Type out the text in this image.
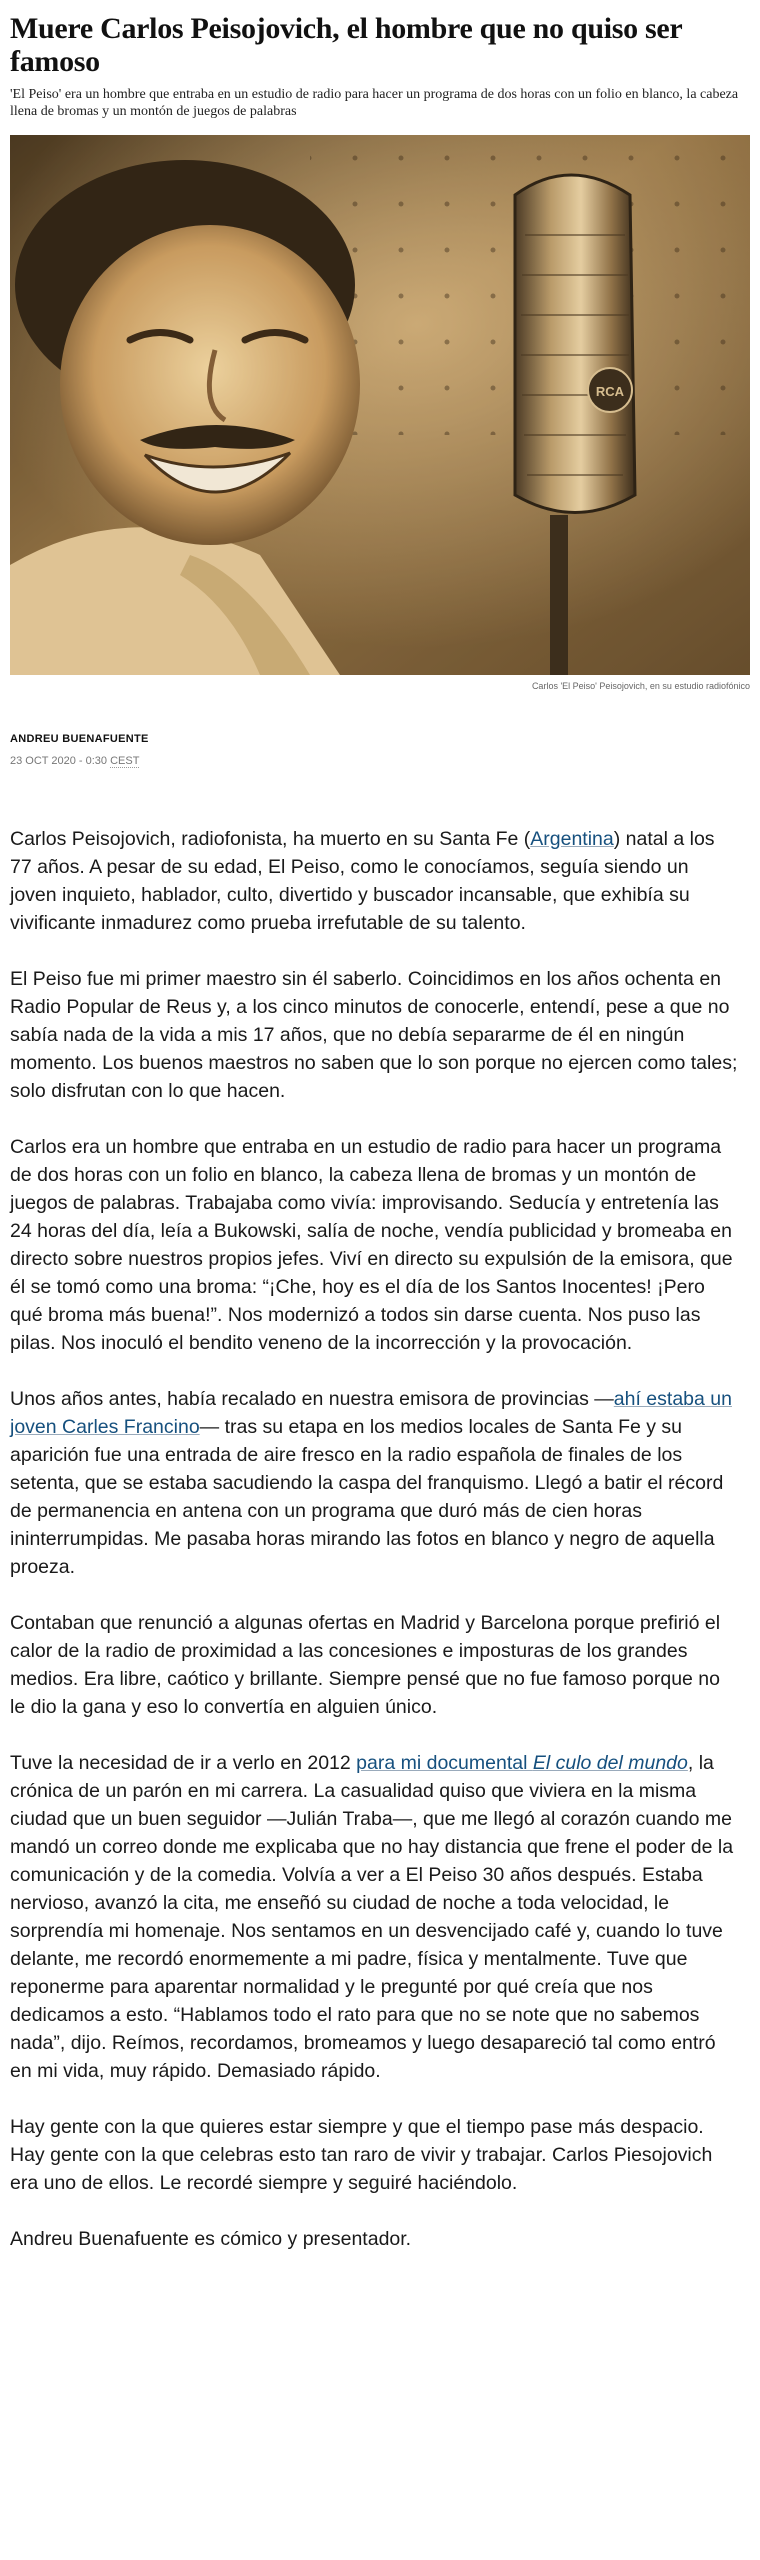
Muere Carlos Peisojovich, el hombre que no quiso ser famoso

'El Peiso' era un hombre que entraba en un estudio de radio para hacer un programa de dos horas con un folio en blanco, la cabeza llena de bromas y un montón de juegos de palabras

RCA
Carlos 'El Peiso' Peisojovich, en su estudio radiofónico
ANDREU BUENAFUENTE
23 OCT 2020 - 0:30 CEST

Carlos Peisojovich, radiofonista, ha muerto en su Santa Fe (Argentina) natal a los 77 años. A pesar de su edad, El Peiso, como le conocíamos, seguía siendo un joven inquieto, hablador, culto, divertido y buscador incansable, que exhibía su vivificante inmadurez como prueba irrefutable de su talento.

El Peiso fue mi primer maestro sin él saberlo. Coincidimos en los años ochenta en Radio Popular de Reus y, a los cinco minutos de conocerle, entendí, pese a que no sabía nada de la vida a mis 17 años, que no debía separarme de él en ningún momento. Los buenos maestros no saben que lo son porque no ejercen como tales; solo disfrutan con lo que hacen.

Carlos era un hombre que entraba en un estudio de radio para hacer un programa de dos horas con un folio en blanco, la cabeza llena de bromas y un montón de juegos de palabras. Trabajaba como vivía: improvisando. Seducía y entretenía las 24 horas del día, leía a Bukowski, salía de noche, vendía publicidad y bromeaba en directo sobre nuestros propios jefes. Viví en directo su expulsión de la emisora, que él se tomó como una broma: “¡Che, hoy es el día de los Santos Inocentes! ¡Pero qué broma más buena!”. Nos modernizó a todos sin darse cuenta. Nos puso las pilas. Nos inoculó el bendito veneno de la incorrección y la provocación.

Unos años antes, había recalado en nuestra emisora de provincias —ahí estaba un joven Carles Francino— tras su etapa en los medios locales de Santa Fe y su aparición fue una entrada de aire fresco en la radio española de finales de los setenta, que se estaba sacudiendo la caspa del franquismo. Llegó a batir el récord de permanencia en antena con un programa que duró más de cien horas ininterrumpidas. Me pasaba horas mirando las fotos en blanco y negro de aquella proeza.

Contaban que renunció a algunas ofertas en Madrid y Barcelona porque prefirió el calor de la radio de proximidad a las concesiones e imposturas de los grandes medios. Era libre, caótico y brillante. Siempre pensé que no fue famoso porque no le dio la gana y eso lo convertía en alguien único.

Tuve la necesidad de ir a verlo en 2012 para mi documental El culo del mundo, la crónica de un parón en mi carrera. La casualidad quiso que viviera en la misma ciudad que un buen seguidor —Julián Traba—, que me llegó al corazón cuando me mandó un correo donde me explicaba que no hay distancia que frene el poder de la comunicación y de la comedia. Volvía a ver a El Peiso 30 años después. Estaba nervioso, avanzó la cita, me enseñó su ciudad de noche a toda velocidad, le sorprendía mi homenaje. Nos sentamos en un desvencijado café y, cuando lo tuve delante, me recordó enormemente a mi padre, física y mentalmente. Tuve que reponerme para aparentar normalidad y le pregunté por qué creía que nos dedicamos a esto. “Hablamos todo el rato para que no se note que no sabemos nada”, dijo. Reímos, recordamos, bromeamos y luego desapareció tal como entró en mi vida, muy rápido. Demasiado rápido.

Hay gente con la que quieres estar siempre y que el tiempo pase más despacio. Hay gente con la que celebras esto tan raro de vivir y trabajar. Carlos Piesojovich era uno de ellos. Le recordé siempre y seguiré haciéndolo.

Andreu Buenafuente es cómico y presentador.
